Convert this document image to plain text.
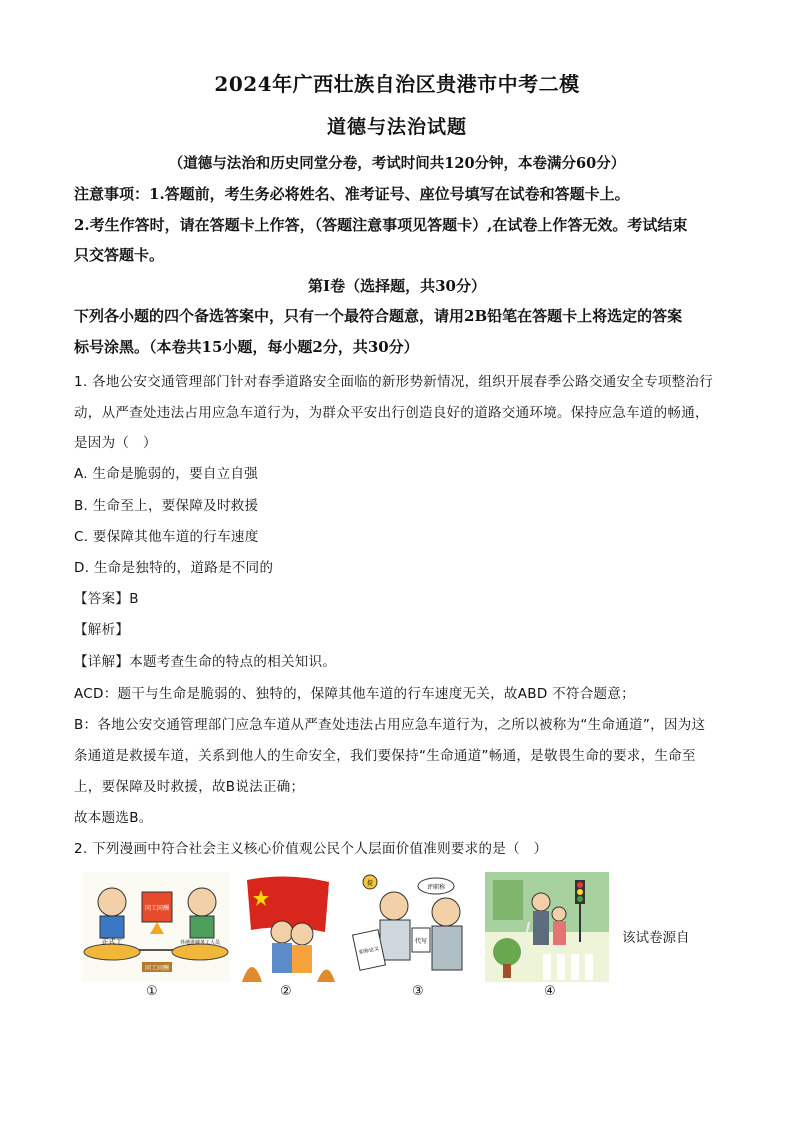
2024年广西壮族自治区贵港市中考二模
道德与法治试题
（道德与法治和历史同堂分卷，考试时间共120分钟，本卷满分60分）
注意事项：1.答题前，考生务必将姓名、准考证号、座位号填写在试卷和答题卡上。
2.考生作答时，请在答题卡上作答，（答题注意事项见答题卡）,在试卷上作答无效。考试结束
只交答题卡。
第Ⅰ卷（选择题，共30分）
下列各小题的四个备选答案中，只有一个最符合题意，请用2B铅笔在答题卡上将选定的答案
标号涂黑。（本卷共15小题，每小题2分，共30分）
1. 各地公安交通管理部门针对春季道路安全面临的新形势新情况，组织开展春季公路交通安全专项整治行
动，从严查处违法占用应急车道行为，为群众平安出行创造良好的道路交通环境。保持应急车道的畅通，
是因为（　）
A. 生命是脆弱的，要自立自强
B. 生命至上，要保障及时救援
C. 要保障其他车道的行车速度
D. 生命是独特的，道路是不同的
【答案】B
【解析】
【详解】本题考查生命的特点的相关知识。
ACD：题干与生命是脆弱的、独特的，保障其他车道的行车速度无关，故ABD 不符合题意；
B：各地公安交通管理部门应急车道从严查处违法占用应急车道行为，之所以被称为“生命通道”，因为这
条通道是救援车道，关系到他人的生命安全，我们要保持“生命通道”畅通，是敬畏生命的要求，生命至
上，要保障及时救援，故B说法正确；
故本题选B。
2. 下列漫画中符合社会主义核心价值观公民个人层面价值准则要求的是（　）
正式工	外地进城务工人员
同工同酬
同工同酬
①	②
评职称
提
职称论文
代写
③	④
该试卷源自
